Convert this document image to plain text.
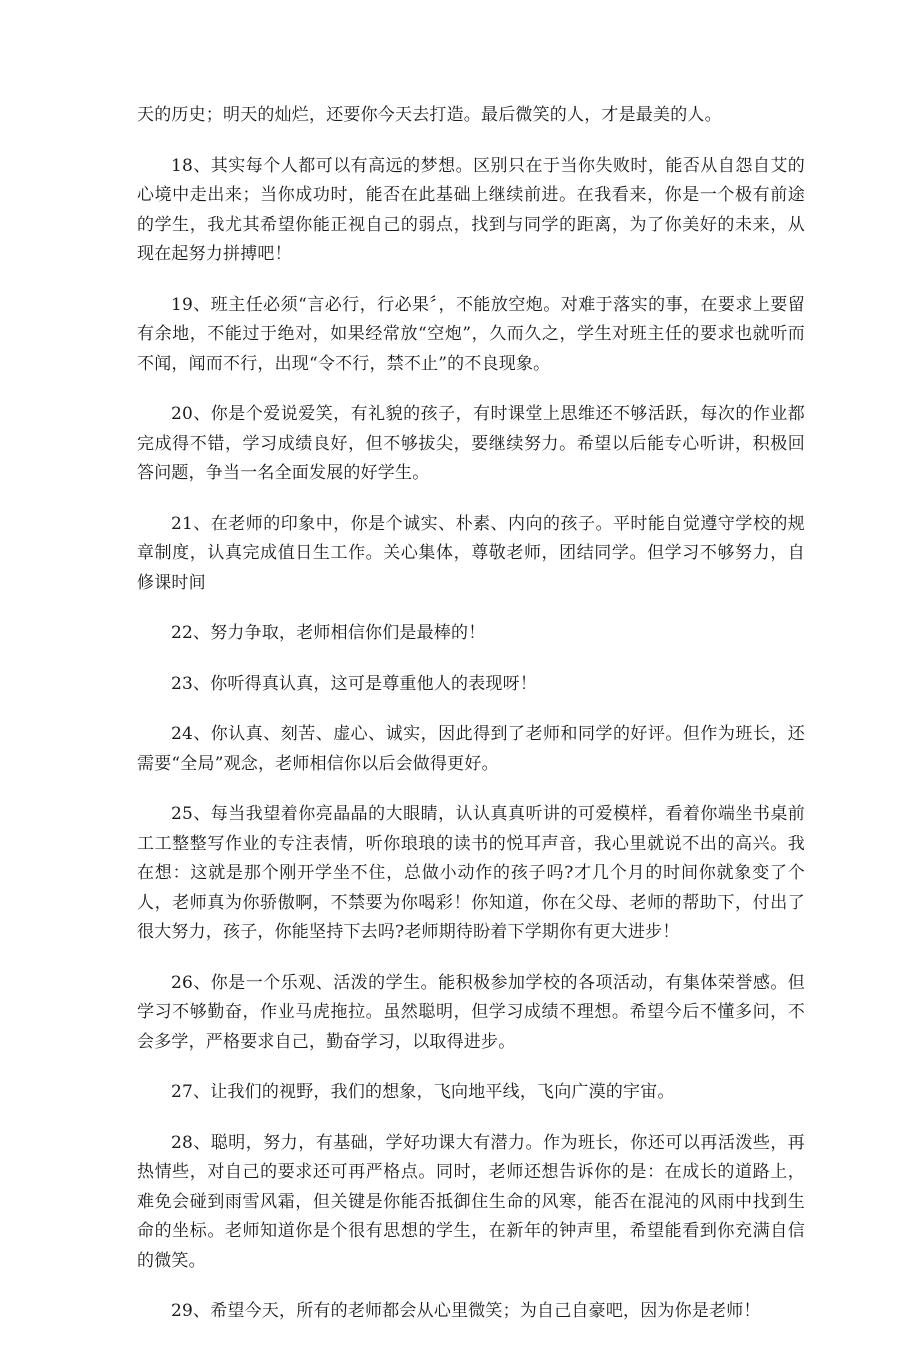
天的历史；明天的灿烂，还要你今天去打造。最后微笑的人，才是最美的人。

18、其实每个人都可以有高远的梦想。区别只在于当你失败时，能否从自怨自艾的心境中走出来；当你成功时，能否在此基础上继续前进。在我看来，你是一个极有前途的学生，我尤其希望你能正视自己的弱点，找到与同学的距离，为了你美好的未来，从现在起努力拼搏吧！

19、班主任必须“言必行，行必果〞，不能放空炮。对难于落实的事，在要求上要留有余地，不能过于绝对，如果经常放“空炮”，久而久之，学生对班主任的要求也就听而不闻，闻而不行，出现“令不行，禁不止”的不良现象。

20、你是个爱说爱笑，有礼貌的孩子，有时课堂上思维还不够活跃，每次的作业都完成得不错，学习成绩良好，但不够拔尖，要继续努力。希望以后能专心听讲，积极回答问题，争当一名全面发展的好学生。

21、在老师的印象中，你是个诚实、朴素、内向的孩子。平时能自觉遵守学校的规章制度，认真完成值日生工作。关心集体，尊敬老师，团结同学。但学习不够努力，自修课时间

22、努力争取，老师相信你们是最棒的！

23、你听得真认真，这可是尊重他人的表现呀！

24、你认真、刻苦、虚心、诚实，因此得到了老师和同学的好评。但作为班长，还需要“全局”观念，老师相信你以后会做得更好。

25、每当我望着你亮晶晶的大眼睛，认认真真听讲的可爱模样，看着你端坐书桌前工工整整写作业的专注表情，听你琅琅的读书的悦耳声音，我心里就说不出的高兴。我在想：这就是那个刚开学坐不住，总做小动作的孩子吗?才几个月的时间你就象变了个人，老师真为你骄傲啊，不禁要为你喝彩！你知道，你在父母、老师的帮助下，付出了很大努力，孩子，你能坚持下去吗?老师期待盼着下学期你有更大进步！

26、你是一个乐观、活泼的学生。能积极参加学校的各项活动，有集体荣誉感。但学习不够勤奋，作业马虎拖拉。虽然聪明，但学习成绩不理想。希望今后不懂多问，不会多学，严格要求自己，勤奋学习，以取得进步。

27、让我们的视野，我们的想象，飞向地平线，飞向广漠的宇宙。

28、聪明，努力，有基础，学好功课大有潜力。作为班长，你还可以再活泼些，再热情些，对自己的要求还可再严格点。同时，老师还想告诉你的是：在成长的道路上，难免会碰到雨雪风霜，但关键是你能否抵御住生命的风寒，能否在混沌的风雨中找到生命的坐标。老师知道你是个很有思想的学生，在新年的钟声里，希望能看到你充满自信的微笑。

29、希望今天，所有的老师都会从心里微笑；为自己自豪吧，因为你是老师！
